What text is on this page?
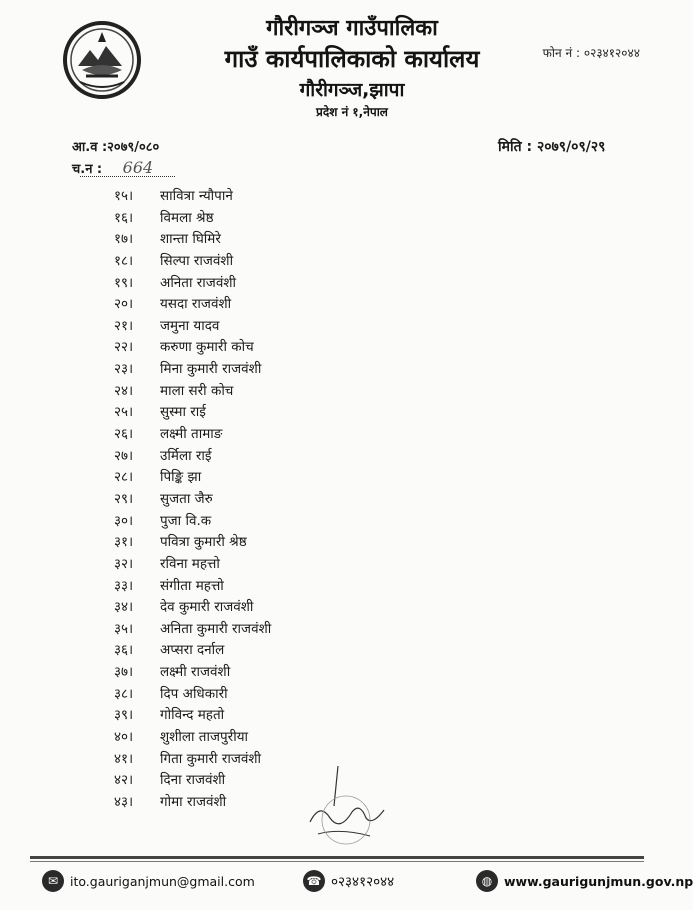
गौरीगञ्ज गाउँपालिका
गाउँ कार्यपालिकाको कार्यालय
गौरीगञ्ज,झापा
प्रदेश नं १,नेपाल
फोन नं : ०२३४१२०४४
आ.व :२०७९/०८०	मिति : २०७९/०९/२९
च.न : 664
१५।	सावित्रा न्यौपाने
१६।	विमला श्रेष्ठ
१७।	शान्ता घिमिरे
१८।	सिल्पा राजवंशी
१९।	अनिता राजवंशी
२०।	यसदा राजवंशी
२१।	जमुना यादव
२२।	करुणा कुमारी कोच
२३।	मिना कुमारी राजवंशी
२४।	माला सरी कोच
२५।	सुस्मा राई
२६।	लक्ष्मी तामाङ
२७।	उर्मिला राई
२८।	पिङ्कि झा
२९।	सुजता जैरु
३०।	पुजा वि.क
३१।	पवित्रा कुमारी श्रेष्ठ
३२।	रविना महत्तो
३३।	संगीता महत्तो
३४।	देव कुमारी राजवंशी
३५।	अनिता कुमारी राजवंशी
३६।	अप्सरा दर्नाल
३७।	लक्ष्मी राजवंशी
३८।	दिप अधिकारी
३९।	गोविन्द महतो
४०।	शुशीला ताजपुरीया
४१।	गिता कुमारी राजवंशी
४२।	दिना राजवंशी
४३।	गोमा राजवंशी
✉ ito.gauriganjmun@gmail.com	☎ ०२३४१२०४४	◍ www.gaurigunjmun.gov.np
